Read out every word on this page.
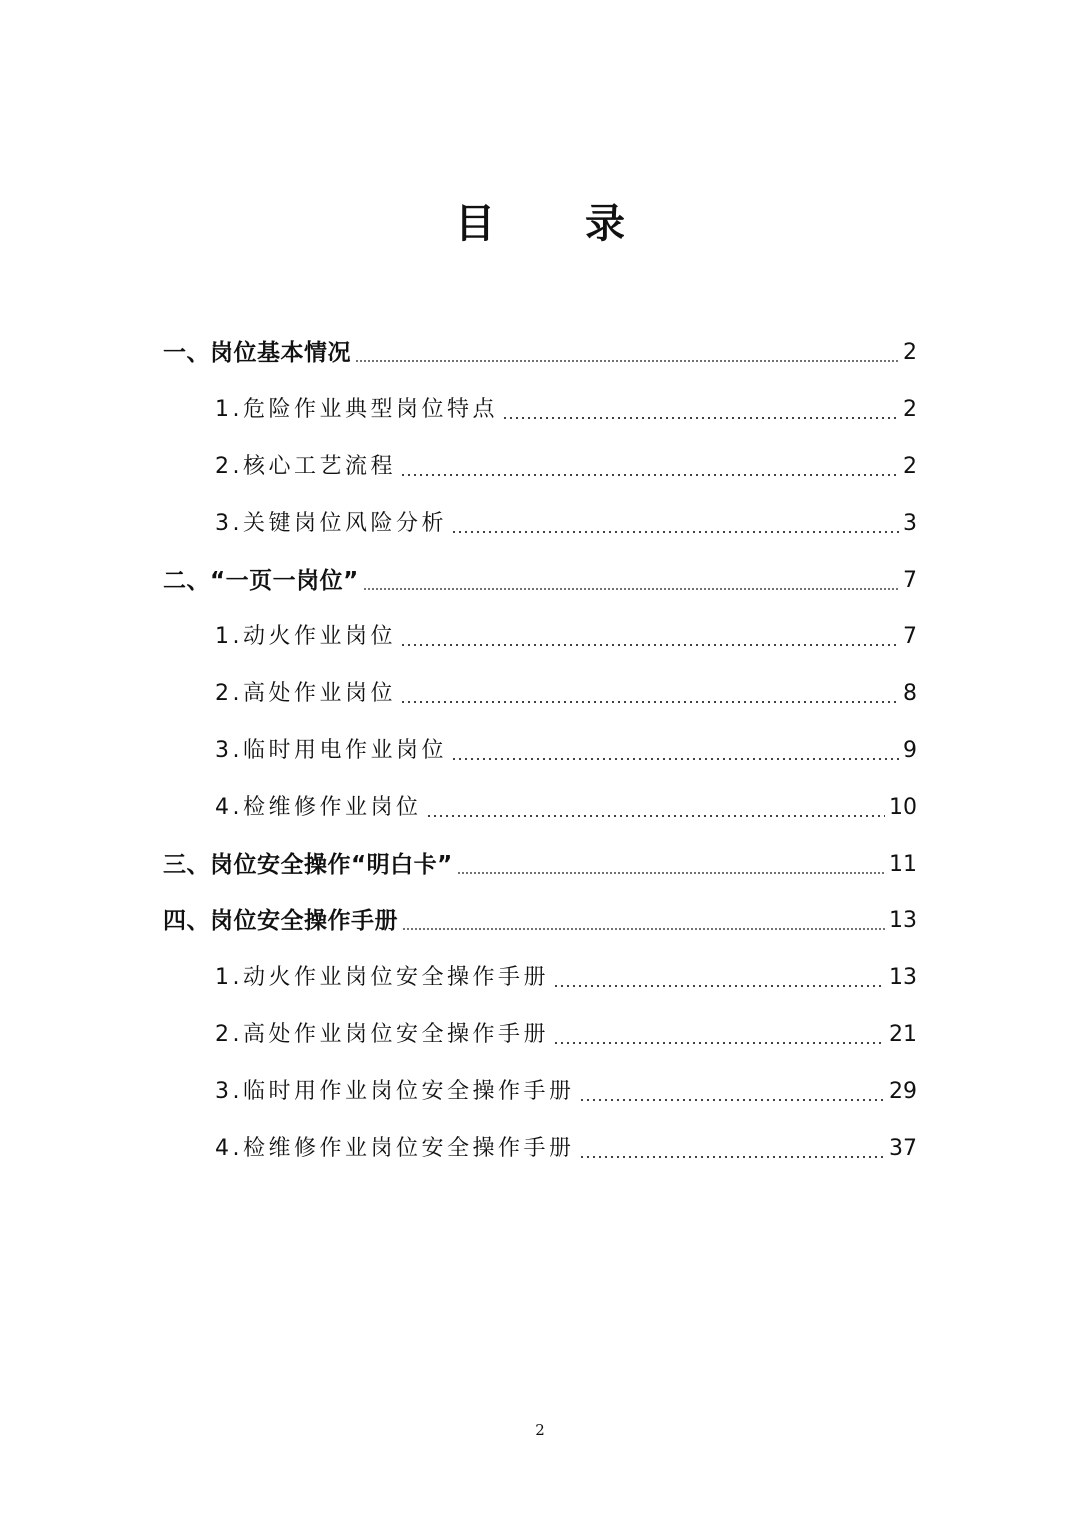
目 录
一、岗位基本情况	2
1.危险作业典型岗位特点	2
2.核心工艺流程	2
3.关键岗位风险分析	3
二、“一页一岗位”	7
1.动火作业岗位	7
2.高处作业岗位	8
3.临时用电作业岗位	9
4.检维修作业岗位	10
三、岗位安全操作“明白卡”	11
四、岗位安全操作手册	13
1.动火作业岗位安全操作手册	13
2.高处作业岗位安全操作手册	21
3.临时用作业岗位安全操作手册	29
4.检维修作业岗位安全操作手册	37
2
